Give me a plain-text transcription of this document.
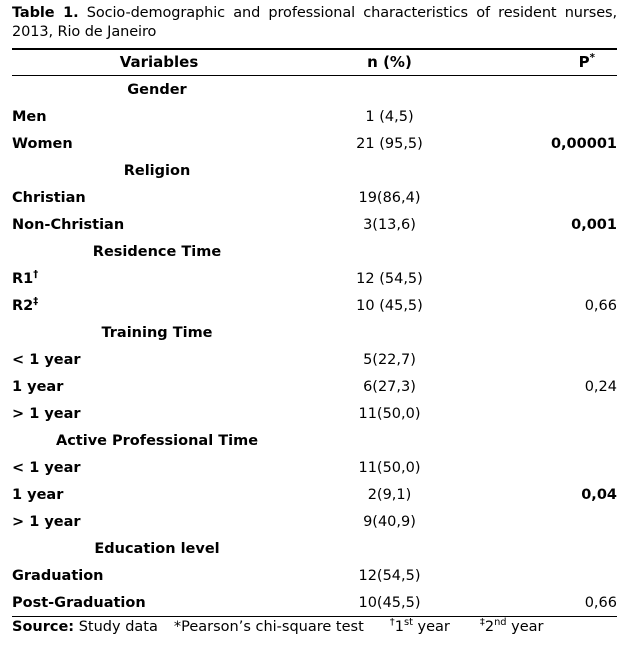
Table 1. Socio-demographic and professional characteristics of resident nurses, 2013, Rio de Janeiro

Variables	n (%)	P*

Gender		

Men	1 (4,5)	
Women	21 (95,5)	0,00001

Religion		

Christian	19(86,4)	
Non-Christian	3(13,6)	0,001

Residence Time		

R1†	12 (54,5)	
R2‡	10 (45,5)	0,66

Training Time		

< 1 year	5(22,7)	
1 year	6(27,3)	0,24
> 1 year	11(50,0)	

Active Professional Time		

< 1 year	11(50,0)	
1 year	2(9,1)	0,04
> 1 year	9(40,9)	

Education level		

Graduation	12(54,5)	
Post-Graduation	10(45,5)	0,66
Source: Study data *Pearson’s chi-square test	†1st year	‡2nd year
